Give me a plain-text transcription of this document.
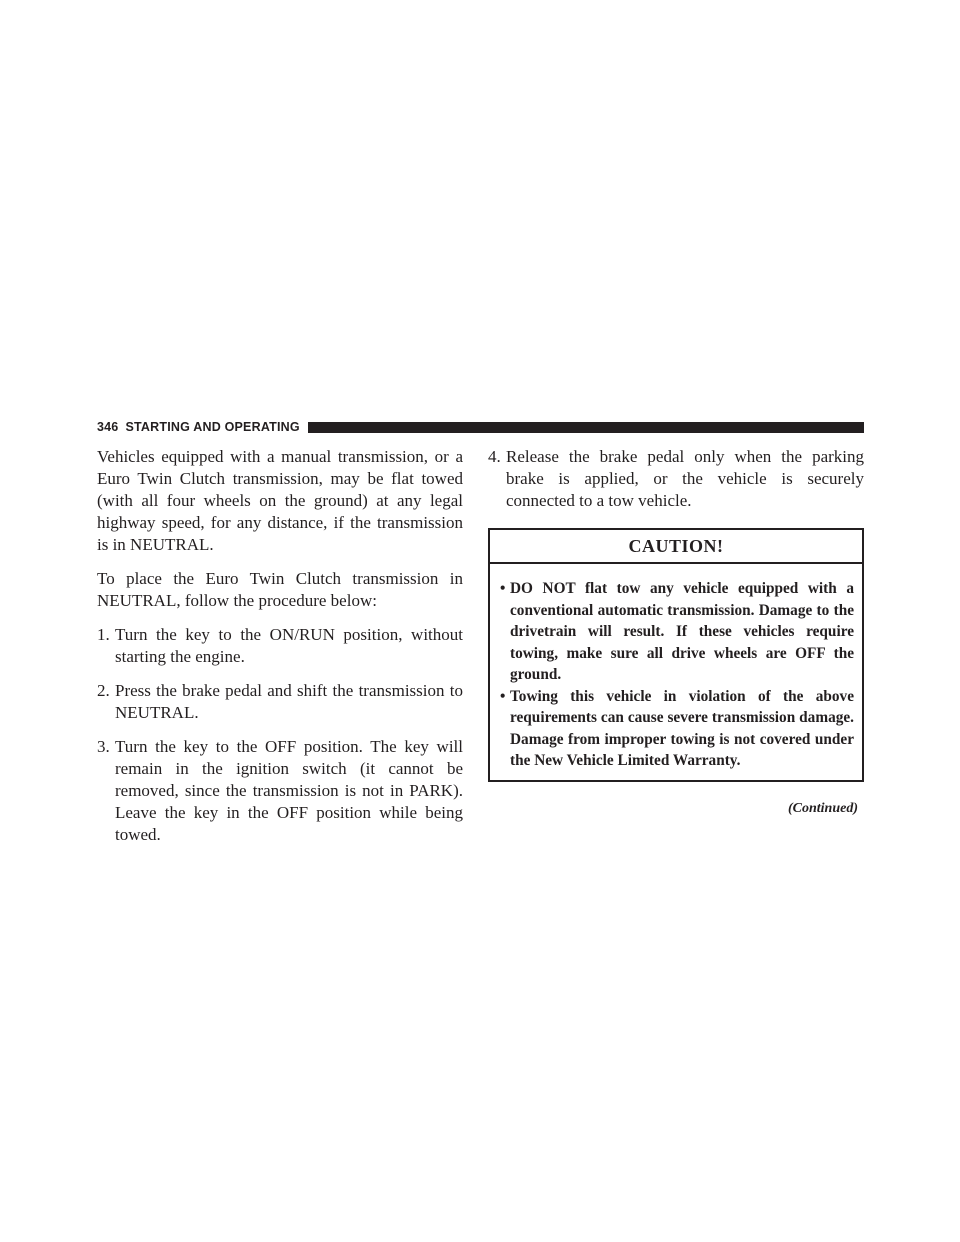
346 STARTING AND OPERATING

Vehicles equipped with a manual transmission, or a Euro Twin Clutch transmission, may be flat towed (with all four wheels on the ground) at any legal highway speed, for any distance, if the transmission is in NEUTRAL.

To place the Euro Twin Clutch transmission in NEUTRAL, follow the procedure below:

1. Turn the key to the ON/RUN position, without starting the engine.
2. Press the brake pedal and shift the transmission to NEUTRAL.
3. Turn the key to the OFF position. The key will remain in the ignition switch (it cannot be removed, since the transmission is not in PARK). Leave the key in the OFF position while being towed.
4. Release the brake pedal only when the parking brake is applied, or the vehicle is securely connected to a tow vehicle.
CAUTION!
• DO NOT flat tow any vehicle equipped with a conventional automatic transmission. Damage to the drivetrain will result. If these vehicles require towing, make sure all drive wheels are OFF the ground.
• Towing this vehicle in violation of the above requirements can cause severe transmission damage. Damage from improper towing is not covered under the New Vehicle Limited Warranty.
(Continued)
